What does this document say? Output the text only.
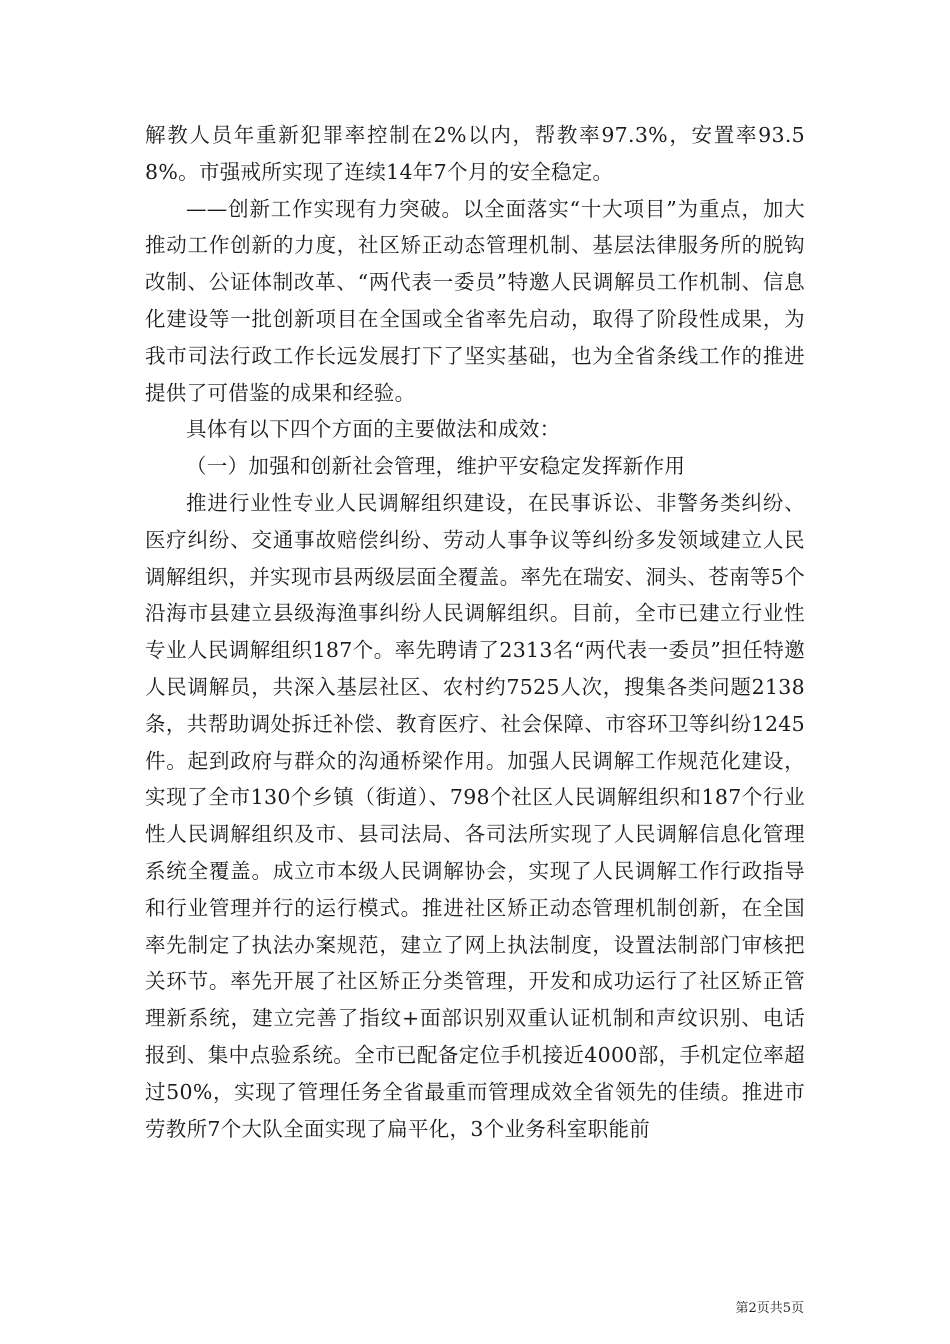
解教人员年重新犯罪率控制在2%以内，帮教率97.3%，安置率93.58%。市强戒所实现了连续14年7个月的安全稳定。

——创新工作实现有力突破。以全面落实“十大项目”为重点，加大推动工作创新的力度，社区矫正动态管理机制、基层法律服务所的脱钩改制、公证体制改革、“两代表一委员”特邀人民调解员工作机制、信息化建设等一批创新项目在全国或全省率先启动，取得了阶段性成果，为我市司法行政工作长远发展打下了坚实基础，也为全省条线工作的推进提供了可借鉴的成果和经验。

具体有以下四个方面的主要做法和成效：

（一）加强和创新社会管理，维护平安稳定发挥新作用

推进行业性专业人民调解组织建设，在民事诉讼、非警务类纠纷、医疗纠纷、交通事故赔偿纠纷、劳动人事争议等纠纷多发领域建立人民调解组织，并实现市县两级层面全覆盖。率先在瑞安、洞头、苍南等5个沿海市县建立县级海渔事纠纷人民调解组织。目前，全市已建立行业性专业人民调解组织187个。率先聘请了2313名“两代表一委员”担任特邀人民调解员，共深入基层社区、农村约7525人次，搜集各类问题2138条，共帮助调处拆迁补偿、教育医疗、社会保障、市容环卫等纠纷1245件。起到政府与群众的沟通桥梁作用。加强人民调解工作规范化建设，实现了全市130个乡镇（街道）、798个社区人民调解组织和187个行业性人民调解组织及市、县司法局、各司法所实现了人民调解信息化管理系统全覆盖。成立市本级人民调解协会，实现了人民调解工作行政指导和行业管理并行的运行模式。推进社区矫正动态管理机制创新，在全国率先制定了执法办案规范，建立了网上执法制度，设置法制部门审核把关环节。率先开展了社区矫正分类管理，开发和成功运行了社区矫正管理新系统，建立完善了指纹+面部识别双重认证机制和声纹识别、电话报到、集中点验系统。全市已配备定位手机接近4000部，手机定位率超过50%，实现了管理任务全省最重而管理成效全省领先的佳绩。推进市劳教所7个大队全面实现了扁平化，3个业务科室职能前

第2页共5页
